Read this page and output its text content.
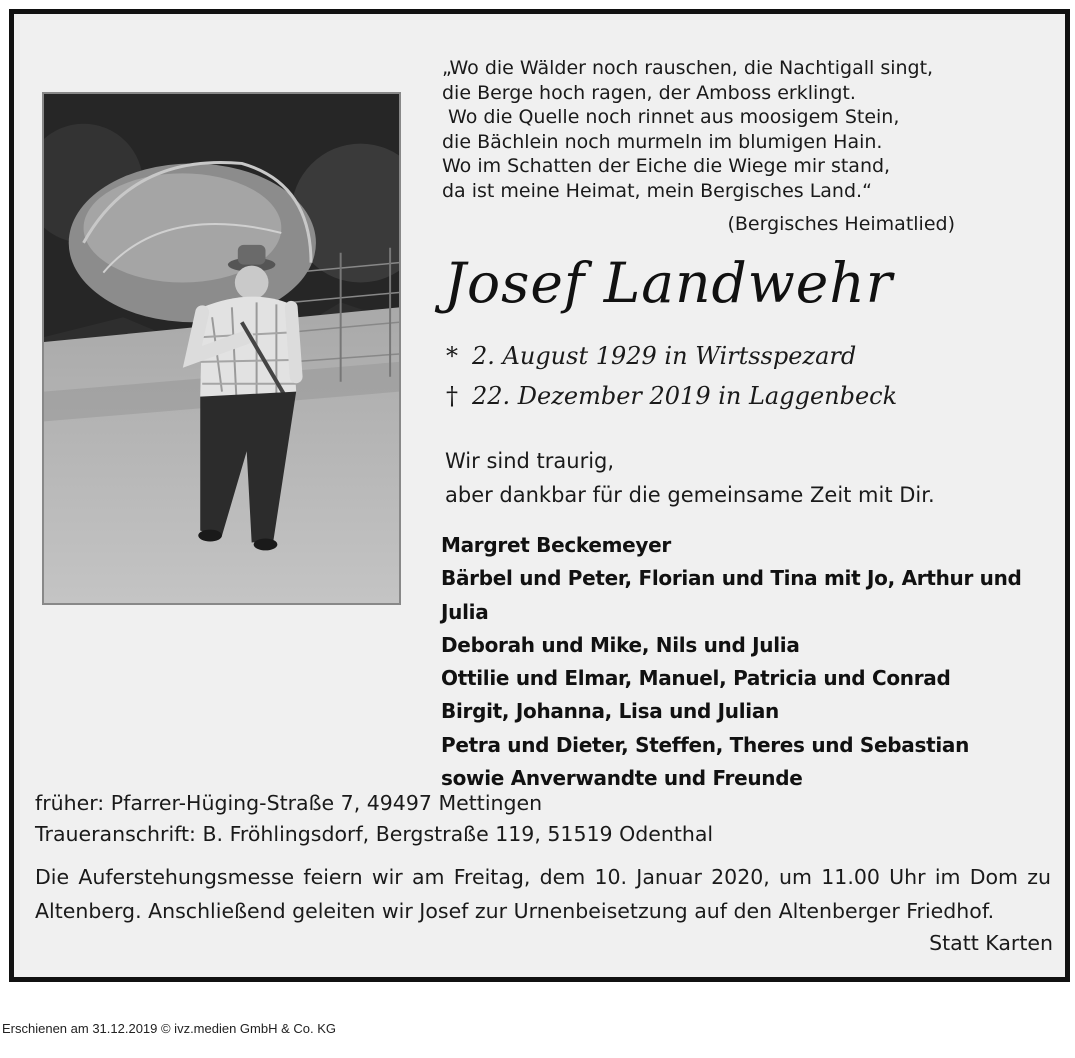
„Wo die Wälder noch rauschen, die Nachtigall singt,
die Berge hoch ragen, der Amboss erklingt.
Wo die Quelle noch rinnet aus moosigem Stein,
die Bächlein noch murmeln im blumigen Hain.
Wo im Schatten der Eiche die Wiege mir stand,
da ist meine Heimat, mein Bergisches Land.“
(Bergisches Heimatlied)
Josef Landwehr
* 2. August 1929 in Wirtsspezard
† 22. Dezember 2019 in Laggenbeck
Wir sind traurig,
aber dankbar für die gemeinsame Zeit mit Dir.
Margret Beckemeyer
Bärbel und Peter, Florian und Tina mit Jo, Arthur und Julia
Deborah und Mike, Nils und Julia
Ottilie und Elmar, Manuel, Patricia und Conrad
Birgit, Johanna, Lisa und Julian
Petra und Dieter, Steffen, Theres und Sebastian
sowie Anverwandte und Freunde
früher: Pfarrer-Hüging-Straße 7, 49497 Mettingen
Traueranschrift: B. Fröhlingsdorf, Bergstraße 119, 51519 Odenthal
Die Auferstehungsmesse feiern wir am Freitag, dem 10. Januar 2020, um 11.00 Uhr im Dom zu Altenberg. Anschließend geleiten wir Josef zur Urnenbeisetzung auf den Altenberger Friedhof.
Statt Karten
Erschienen am 31.12.2019 © ivz.medien GmbH & Co. KG
